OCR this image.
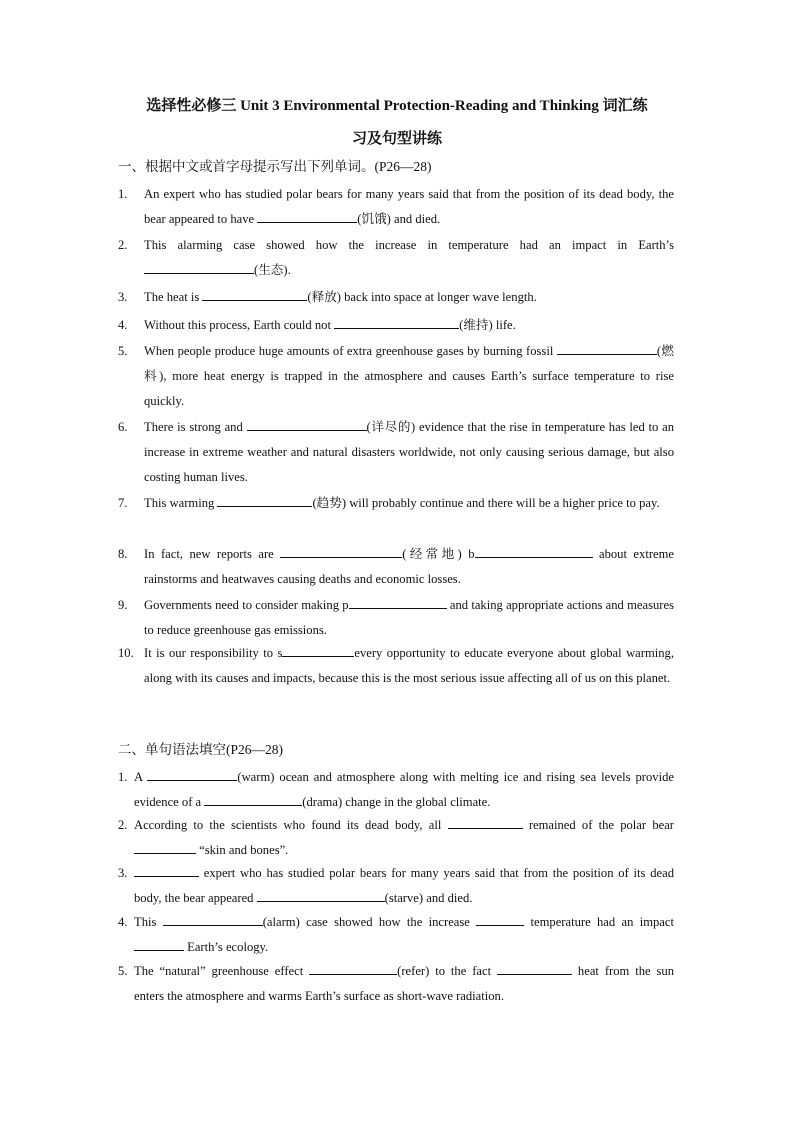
选择性必修三 Unit 3 Environmental Protection-Reading and Thinking 词汇练
习及句型讲练
一、根据中文或首字母提示写出下列单词。(P26—28)
1. An expert who has studied polar bears for many years said that from the position of its dead body, the bear appeared to have	(饥饿) and died.
2. This alarming case showed how the increase in temperature had an impact in Earth’s (生态).
3. The heat is	(释放) back into space at longer wave length.
4. Without this process, Earth could not	(维持) life.
5. When people produce huge amounts of extra greenhouse gases by burning fossil	(燃料), more heat energy is trapped in the atmosphere and causes Earth’s surface temperature to rise quickly.
6. There is strong and	(详尽的) evidence that the rise in temperature has led to an increase in extreme weather and natural disasters worldwide, not only causing serious damage, but also costing human lives.
7. This warming	(趋势) will probably continue and there will be a higher price to pay.
8. In fact, new reports are	(经常地) b	about extreme rainstorms and heatwaves causing deaths and economic losses.
9. Governments need to consider making p	and taking appropriate actions and measures to reduce greenhouse gas emissions.
10. It is our responsibility to s	every opportunity to educate everyone about global warming, along with its causes and impacts, because this is the most serious issue affecting all of us on this planet.
二、单句语法填空(P26—28)
1. A	(warm) ocean and atmosphere along with melting ice and rising sea levels provide evidence of a	(drama) change in the global climate.
2. According to the scientists who found its dead body, all	remained of the polar bear  “skin and bones”.
3.	expert who has studied polar bears for many years said that from the position of its dead body, the bear appeared	(starve) and died.
4. This	(alarm) case showed how the increase	temperature had an impact  Earth’s ecology.
5. The “natural” greenhouse effect	(refer) to the fact	heat from the sun enters the atmosphere and warms Earth’s surface as short-wave radiation.
